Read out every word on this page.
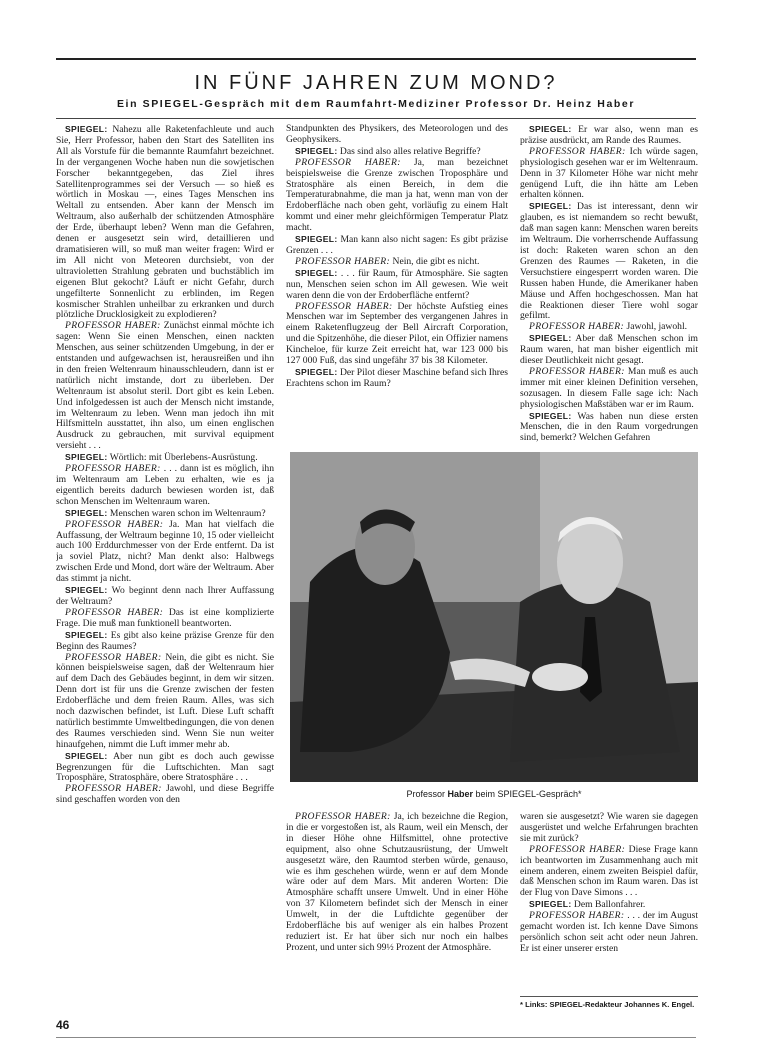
IN FÜNF JAHREN ZUM MOND?
Ein SPIEGEL-Gespräch mit dem Raumfahrt-Mediziner Professor Dr. Heinz Haber

SPIEGEL: Nahezu alle Raketenfachleute und auch Sie, Herr Professor, haben den Start des Satelliten ins All als Vorstufe für die bemannte Raumfahrt bezeichnet. In der vergangenen Woche haben nun die sowjetischen Forscher bekanntgegeben, das Ziel ihres Satellitenprogrammes sei der Versuch — so hieß es wörtlich in Moskau —, eines Tages Menschen ins Weltall zu entsenden. Aber kann der Mensch im Weltraum, also außerhalb der schützenden Atmosphäre der Erde, überhaupt leben? Wenn man die Gefahren, denen er ausgesetzt sein wird, detaillieren und dramatisieren will, so muß man weiter fragen: Wird er im All nicht von Meteoren durchsiebt, von der ultravioletten Strahlung gebraten und buchstäblich im eigenen Blut gekocht? Läuft er nicht Gefahr, durch ungefilterte Sonnenlicht zu erblinden, im Regen kosmischer Strahlen unheilbar zu erkranken und durch plötzliche Drucklosigkeit zu explodieren?

PROFESSOR HABER: Zunächst einmal möchte ich sagen: Wenn Sie einen Menschen, einen nackten Menschen, aus seiner schützenden Umgebung, in der er entstanden und aufgewachsen ist, herausreißen und ihn in den freien Weltenraum hinausschleudern, dann ist er natürlich nicht imstande, dort zu überleben. Der Weltenraum ist absolut steril. Dort gibt es kein Leben. Und infolgedessen ist auch der Mensch nicht imstande, im Weltenraum zu leben. Wenn man jedoch ihn mit Hilfsmitteln ausstattet, ihn also, um einen englischen Ausdruck zu gebrauchen, mit survival equipment versieht . . .

SPIEGEL: Wörtlich: mit Überlebens-Ausrüstung.

PROFESSOR HABER: . . . dann ist es möglich, ihn im Weltenraum am Leben zu erhalten, wie es ja eigentlich bereits dadurch bewiesen worden ist, daß schon Menschen im Weltenraum waren.

SPIEGEL: Menschen waren schon im Weltenraum?

PROFESSOR HABER: Ja. Man hat vielfach die Auffassung, der Weltraum beginne 10, 15 oder vielleicht auch 100 Erddurchmesser von der Erde entfernt. Da ist ja soviel Platz, nicht? Man denkt also: Halbwegs zwischen Erde und Mond, dort wäre der Weltraum. Aber das stimmt ja nicht.

SPIEGEL: Wo beginnt denn nach Ihrer Auffassung der Weltraum?

PROFESSOR HABER: Das ist eine komplizierte Frage. Die muß man funktionell beantworten.

SPIEGEL: Es gibt also keine präzise Grenze für den Beginn des Raumes?

PROFESSOR HABER: Nein, die gibt es nicht. Sie können beispielsweise sagen, daß der Weltenraum hier auf dem Dach des Gebäudes beginnt, in dem wir sitzen. Denn dort ist für uns die Grenze zwischen der festen Erdoberfläche und dem freien Raum. Alles, was sich noch dazwischen befindet, ist Luft. Diese Luft schafft natürlich bestimmte Umweltbedingungen, die von denen des Raumes verschieden sind. Wenn Sie nun weiter hinaufgehen, nimmt die Luft immer mehr ab.

SPIEGEL: Aber nun gibt es doch auch gewisse Begrenzungen für die Luftschichten. Man sagt Troposphäre, Stratosphäre, obere Stratosphäre . . .

PROFESSOR HABER: Jawohl, und diese Begriffe sind geschaffen worden von den

Standpunkten des Physikers, des Meteorologen und des Geophysikers.

SPIEGEL: Das sind also alles relative Begriffe?

PROFESSOR HABER: Ja, man bezeichnet beispielsweise die Grenze zwischen Troposphäre und Stratosphäre als einen Bereich, in dem die Temperaturabnahme, die man ja hat, wenn man von der Erdoberfläche nach oben geht, vorläufig zu einem Halt kommt und einer mehr gleichförmigen Temperatur Platz macht.

SPIEGEL: Man kann also nicht sagen: Es gibt präzise Grenzen . . .

PROFESSOR HABER: Nein, die gibt es nicht.

SPIEGEL: . . . für Raum, für Atmosphäre. Sie sagten nun, Menschen seien schon im All gewesen. Wie weit waren denn die von der Erdoberfläche entfernt?

PROFESSOR HABER: Der höchste Aufstieg eines Menschen war im September des vergangenen Jahres in einem Raketenflugzeug der Bell Aircraft Corporation, und die Spitzenhöhe, die dieser Pilot, ein Offizier namens Kincheloe, für kurze Zeit erreicht hat, war 123 000 bis 127 000 Fuß, das sind ungefähr 37 bis 38 Kilometer.

SPIEGEL: Der Pilot dieser Maschine befand sich Ihres Erachtens schon im Raum?

SPIEGEL: Er war also, wenn man es präzise ausdrückt, am Rande des Raumes.

PROFESSOR HABER: Ich würde sagen, physiologisch gesehen war er im Weltenraum. Denn in 37 Kilometer Höhe war nicht mehr genügend Luft, die ihn hätte am Leben erhalten können.

SPIEGEL: Das ist interessant, denn wir glauben, es ist niemandem so recht bewußt, daß man sagen kann: Menschen waren bereits im Weltraum. Die vorherrschende Auffassung ist doch: Raketen waren schon an den Grenzen des Raumes — Raketen, in die Versuchstiere eingesperrt worden waren. Die Russen haben Hunde, die Amerikaner haben Mäuse und Affen hochgeschossen. Man hat die Reaktionen dieser Tiere wohl sogar gefilmt.

PROFESSOR HABER: Jawohl, jawohl.

SPIEGEL: Aber daß Menschen schon im Raum waren, hat man bisher eigentlich mit dieser Deutlichkeit nicht gesagt.

PROFESSOR HABER: Man muß es auch immer mit einer kleinen Definition versehen, sozusagen. In diesem Falle sage ich: Nach physiologischen Maßstäben war er im Raum.

SPIEGEL: Was haben nun diese ersten Menschen, die in den Raum vorgedrungen sind, bemerkt? Welchen Gefahren

Professor Haber beim SPIEGEL-Gespräch*

PROFESSOR HABER: Ja, ich bezeichne die Region, in die er vorgestoßen ist, als Raum, weil ein Mensch, der in dieser Höhe ohne Hilfsmittel, ohne protective equipment, also ohne Schutzausrüstung, der Umwelt ausgesetzt wäre, den Raumtod sterben würde, genauso, wie es ihm geschehen würde, wenn er auf dem Monde wäre oder auf dem Mars. Mit anderen Worten: Die Atmosphäre schafft unsere Umwelt. Und in einer Höhe von 37 Kilometern befindet sich der Mensch in einer Umwelt, in der die Luftdichte gegenüber der Erdoberfläche bis auf weniger als ein halbes Prozent reduziert ist. Er hat über sich nur noch ein halbes Prozent, und unter sich 99½ Prozent der Atmosphäre.

waren sie ausgesetzt? Wie waren sie dagegen ausgerüstet und welche Erfahrungen brachten sie mit zurück?

PROFESSOR HABER: Diese Frage kann ich beantworten im Zusammenhang auch mit einem anderen, einem zweiten Beispiel dafür, daß Menschen schon im Raum waren. Das ist der Flug von Dave Simons . . .

SPIEGEL: Dem Ballonfahrer.

PROFESSOR HABER: . . . der im August gemacht worden ist. Ich kenne Dave Simons persönlich schon seit acht oder neun Jahren. Er ist einer unserer ersten

* Links: SPIEGEL-Redakteur Johannes K. Engel.
46
